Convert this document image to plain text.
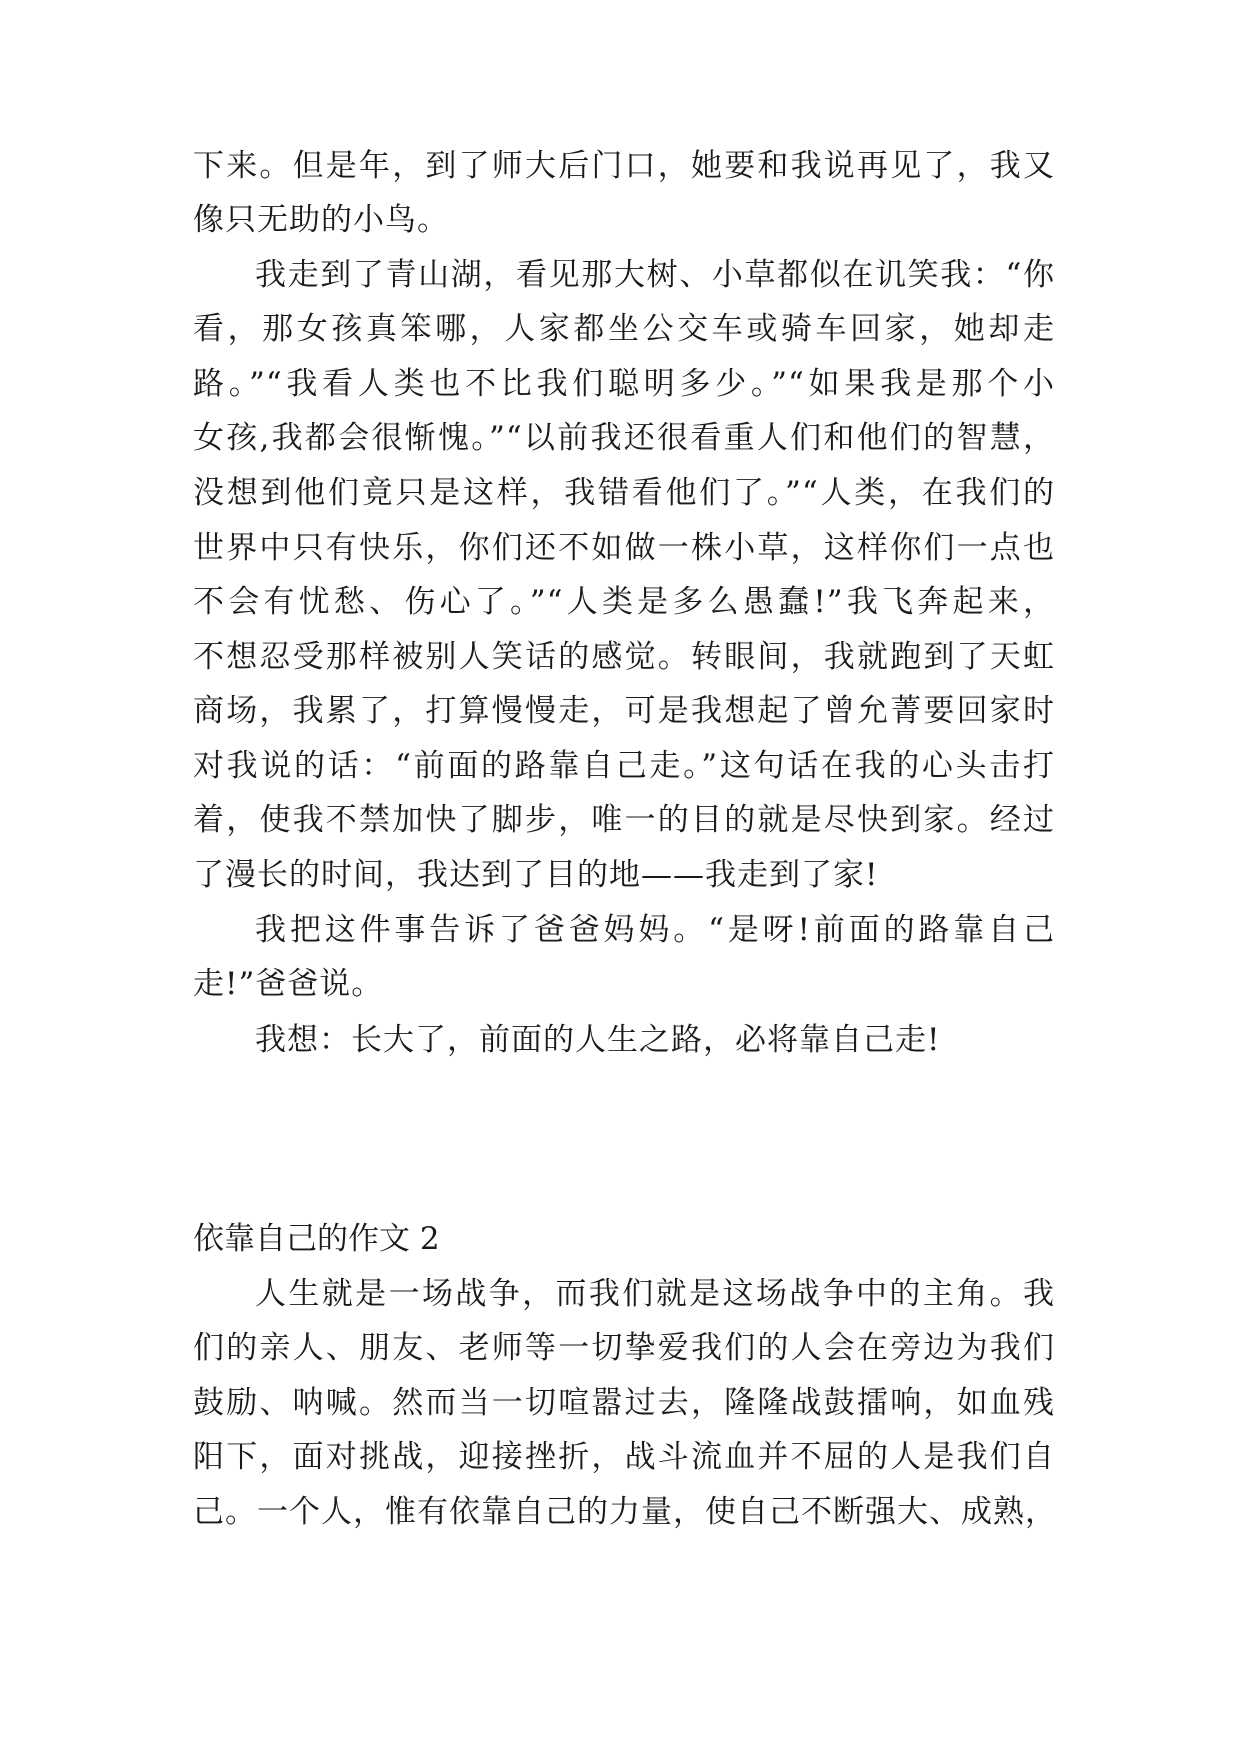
下来。但是年，到了师大后门口，她要和我说再见了，我又
像只无助的小鸟。
我走到了青山湖，看见那大树、小草都似在讥笑我：“你
看，那女孩真笨哪，人家都坐公交车或骑车回家，她却走
路。”“我看人类也不比我们聪明多少。”“如果我是那个小
女孩,我都会很惭愧。”“以前我还很看重人们和他们的智慧，
没想到他们竟只是这样，我错看他们了。”“人类，在我们的
世界中只有快乐，你们还不如做一株小草，这样你们一点也
不会有忧愁、伤心了。”“人类是多么愚蠢!”我飞奔起来，
不想忍受那样被别人笑话的感觉。转眼间，我就跑到了天虹
商场，我累了，打算慢慢走，可是我想起了曾允菁要回家时
对我说的话：“前面的路靠自己走。”这句话在我的心头击打
着，使我不禁加快了脚步，唯一的目的就是尽快到家。经过
了漫长的时间，我达到了目的地——我走到了家!
我把这件事告诉了爸爸妈妈。“是呀!前面的路靠自己
走!”爸爸说。
我想：长大了，前面的人生之路，必将靠自己走!
依靠自己的作文 2
人生就是一场战争，而我们就是这场战争中的主角。我
们的亲人、朋友、老师等一切挚爱我们的人会在旁边为我们
鼓励、呐喊。然而当一切喧嚣过去，隆隆战鼓擂响，如血残
阳下，面对挑战，迎接挫折，战斗流血并不屈的人是我们自
己。一个人，惟有依靠自己的力量，使自己不断强大、成熟，
